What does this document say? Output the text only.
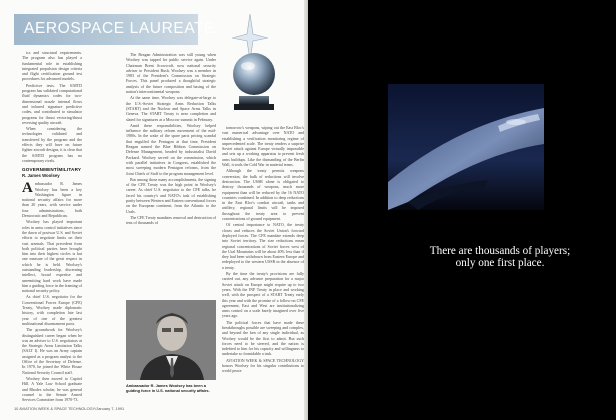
AEROSPACE LAUREATE

ics and structural requirements. The program also has played a fundamental role in establishing integrated propulsion design criteria and flight certification ground test procedures for advanced models.

Predictive tests. The S/MTD program has validated computational fluid dynamics codes for two-dimensional nozzle internal flows and infrared signature predictive codes, and contributed to simulator programs for thrust vectoring/thrust reversing quality aircraft.

When considering the technologies validated and transferred by the program and the effects they will have on future fighter aircraft designs, it is clear that the S/MTD program has no contemporary rivals.

GOVERNMENT/MILITARY
R. James Woolsey

Ambassador R. James Woolsey has been a key Washington figure in national security affairs for more than 20 years, with service under four administrations, both Democratic and Republican.

Woolsey has played important roles in arms control initiatives since the dawn of postwar U.S. and Soviet efforts to negotiate limits on their vast arsenals. That precedent from both political parties have brought him into their highest circles is but one measure of the great respect in which he is held. Woolsey's outstanding leadership, discerning intellect, broad expertise and unremitting hard work have made him a guiding force in the framing of national security policy.

As chief U.S. negotiator for the Conventional Forces Europe (CFE) Treaty, Woolsey made diplomatic history, with completion late last year of one of the greatest multinational disarmament pacts.

The groundwork for Woolsey's distinguished career began when he was an adviser to U.S. negotiators at the Strategic Arms Limitation Talks (SALT I). He was an Army captain assigned as a program analyst to the Office of the Secretary of Defense. In 1970, he joined the White House National Security Council staff.

Woolsey then moved to Capitol Hill. A Yale Law School graduate and Rhodes scholar, he was general counsel to the Senate Armed Services Committee from 1970-73.

The Reagan Administration was still young when Woolsey was tapped for public service again. Under Chairman Brent Scowcroft, now national security adviser to President Bush, Woolsey was a member in 1983 of the President's Commission on Strategic Forces. This panel produced a thoughtful strategic analysis of the future composition and basing of the nation's intercontinental weapons.

At the same time, Woolsey was delegate-at-large to the U.S.-Soviet Strategic Arms Reduction Talks (START) and the Nuclear and Space Arms Talks in Geneva. The START Treaty is near completion and slated for signatures at a Moscow summit in February.

Amid these responsibilities, Woolsey helped influence the military reform movement of the mid-1980s. In the wake of the spare parts pricing scandal that engulfed the Pentagon at that time, President Reagan named the Blue Ribbon Commission on Defense Management, headed by industrialist David Packard. Woolsey served on the commission, which with parallel initiatives in Congress, established the most sweeping modern Pentagon reforms, from the Joint Chiefs of Staff to the program management level.

But among those many accomplishments, the signing of the CFE Treaty was the high point in Woolsey's career. As chief U.S. negotiator to the CFE talks, he faced his country's and NATO's task of establishing parity between Western and Eastern conventional forces on the European continent, from the Atlantic to the Urals.

The CFE Treaty mandates removal and destruction of tens of thousands of

Ambassador R. James Woolsey has been a guiding force in U.S. national security affairs.

tomorrow's weapons, wiping out the East Bloc's vast numerical advantage over NATO and establishing a verification monitoring regime of unprecedented scale. The treaty renders a surprise Soviet attack against Europe virtually impossible and sets up a working apparatus to prevent fresh arms buildups. Like the dismantling of the Berlin Wall, it seals the Cold War in material terms.

Although the treaty permits weapons conversion, the bulk of reductions will involve destruction. The USSR alone is obligated to destroy thousands of weapons, much more equipment than will be reduced by the 16 NATO countries combined. In addition to deep reductions in the East Bloc's combat aircraft, tanks and artillery, regional limits will be imposed throughout the treaty area to prevent concentrations of ground equipment.

Of central importance to NATO, the treaty closes and reduces the Soviet Union's forward deployed forces. The CFE mandate extends deep into Soviet territory. The size reductions mean regional concentrations of Soviet forces west of the Ural Mountains will be about 40% less than if they had been withdrawn from Eastern Europe and redeployed to the western USSR in the absence of a treaty.

By the time the treaty's provisions are fully carried out, any advance preparation for a major Soviet attack on Europe might require up to two years. With the INF Treaty in place and working well, with the prospect of a START Treaty early this year and with the promise of a follow-on CFE agreement, East and West are institutionalizing arms control on a scale barely imagined over five years ago.

The political forces that have made these breakthroughs possible are sweeping and complex, and beyond the ken of any single individual, as Woolsey would be the first to admit. But such forces need to be steered, and the nation is indebted to him for his capacity and willingness to undertake so formidable a task.

AVIATION WEEK & SPACE TECHNOLOGY honors Woolsey for his singular contributions to world peace.

10 AVIATION WEEK & SPACE TECHNOLOGY/January 7, 1991
There are thousands of players;
only one first place.
